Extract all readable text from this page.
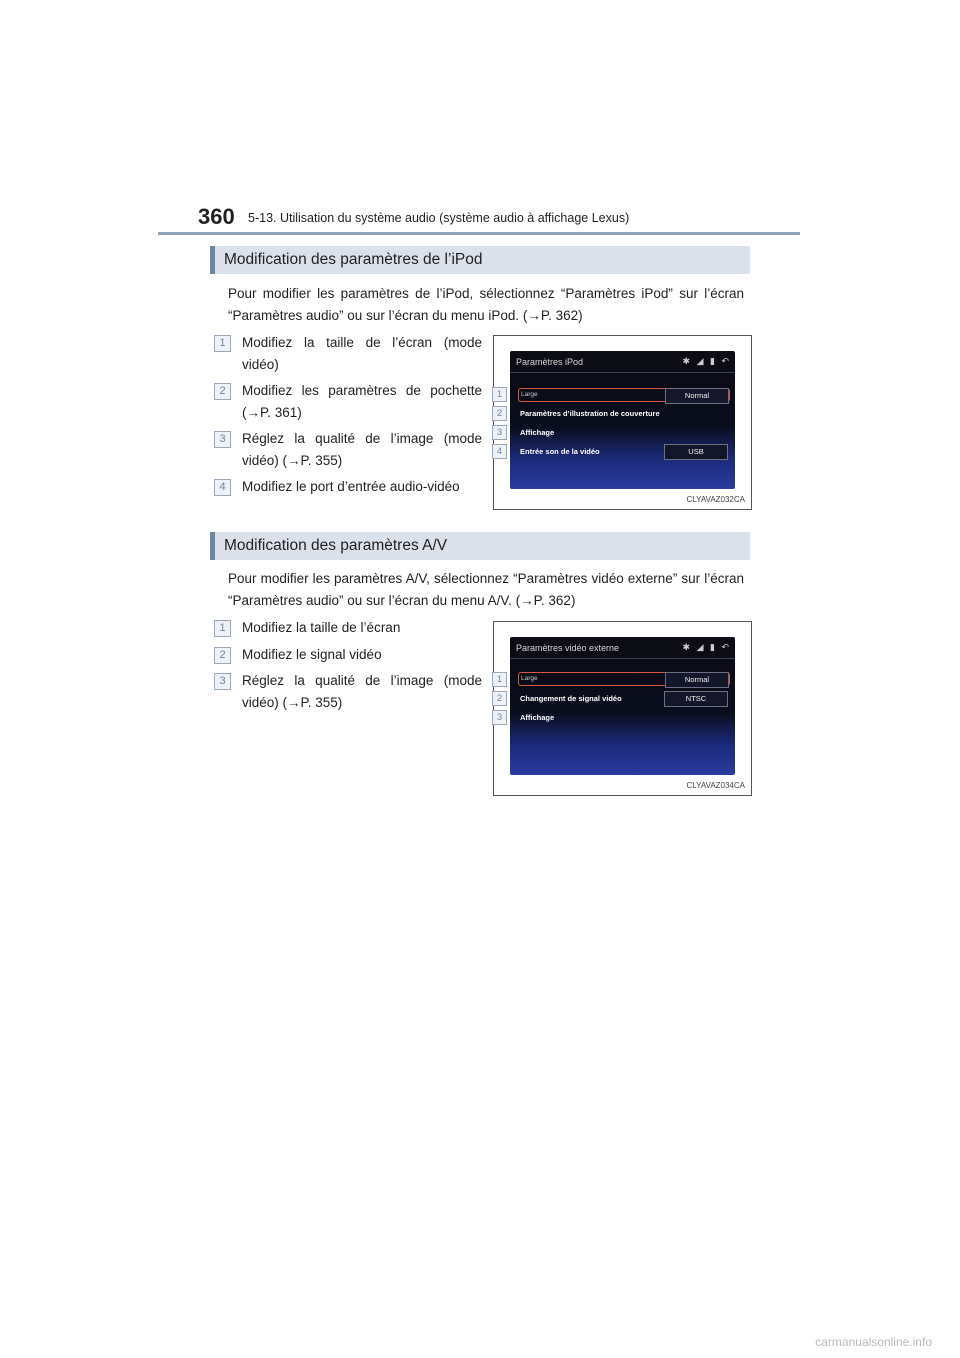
360 5-13. Utilisation du système audio (système audio à affichage Lexus)
Modification des paramètres de l’iPod
Pour modifier les paramètres de l’iPod, sélectionnez “Paramètres iPod” sur l’écran “Paramètres audio” ou sur l’écran du menu iPod. (→P. 362)
1	Modifiez la taille de l’écran (mode vidéo)
2	Modifiez les paramètres de pochette (→P. 361)
3	Réglez la qualité de l’image (mode vidéo) (→P. 355)
4	Modifiez le port d’entrée audio-vidéo
Paramètres iPod	✱ ◢ ▮ ↶
Large	Normal
Paramètres d’illustration de couverture
Affichage
Entrée son de la vidéo	USB
1
2
3
4
CLYAVAZ032CA
Modification des paramètres A/V
Pour modifier les paramètres A/V, sélectionnez “Paramètres vidéo externe” sur l’écran “Paramètres audio” ou sur l’écran du menu A/V. (→P. 362)
1	Modifiez la taille de l’écran
2	Modifiez le signal vidéo
3	Réglez la qualité de l’image (mode vidéo) (→P. 355)
Paramètres vidéo externe	✱ ◢ ▮ ↶
Large	Normal
Changement de signal vidéo	NTSC
Affichage
1
2
3
CLYAVAZ034CA
carmanualsonline.info
